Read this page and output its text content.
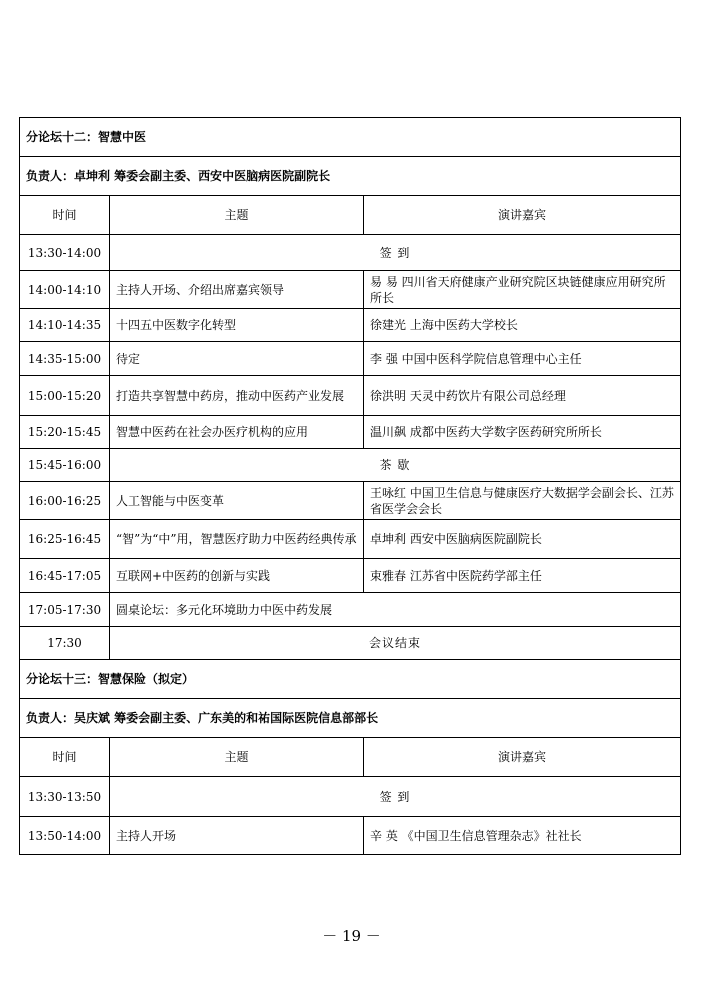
分论坛十二：智慧中医		
负责人：卓坤利 筹委会副主委、西安中医脑病医院副院长		
时间	主题	演讲嘉宾
13:30-14:00	签 到	
14:00-14:10	主持人开场、介绍出席嘉宾领导	易 易 四川省天府健康产业研究院区块链健康应用研究所所长
14:10-14:35	十四五中医数字化转型	徐建光 上海中医药大学校长
14:35-15:00	待定	李 强 中国中医科学院信息管理中心主任
15:00-15:20	打造共享智慧中药房，推动中医药产业发展	徐洪明 天灵中药饮片有限公司总经理
15:20-15:45	智慧中医药在社会办医疗机构的应用	温川飙 成都中医药大学数字医药研究所所长
15:45-16:00	茶 歇	
16:00-16:25	人工智能与中医变革	王咏红 中国卫生信息与健康医疗大数据学会副会长、江苏省医学会会长
16:25-16:45	“智”为“中”用，智慧医疗助力中医药经典传承	卓坤利 西安中医脑病医院副院长
16:45-17:05	互联网+中医药的创新与实践	束雅春 江苏省中医院药学部主任
17:05-17:30	圆桌论坛：多元化环境助力中医中药发展	
17:30	会议结束	
分论坛十三：智慧保险（拟定）		
负责人：吴庆斌 筹委会副主委、广东美的和祐国际医院信息部部长		
时间	主题	演讲嘉宾
13:30-13:50	签 到	
13:50-14:00	主持人开场	辛 英 《中国卫生信息管理杂志》社社长
－ 19 －
